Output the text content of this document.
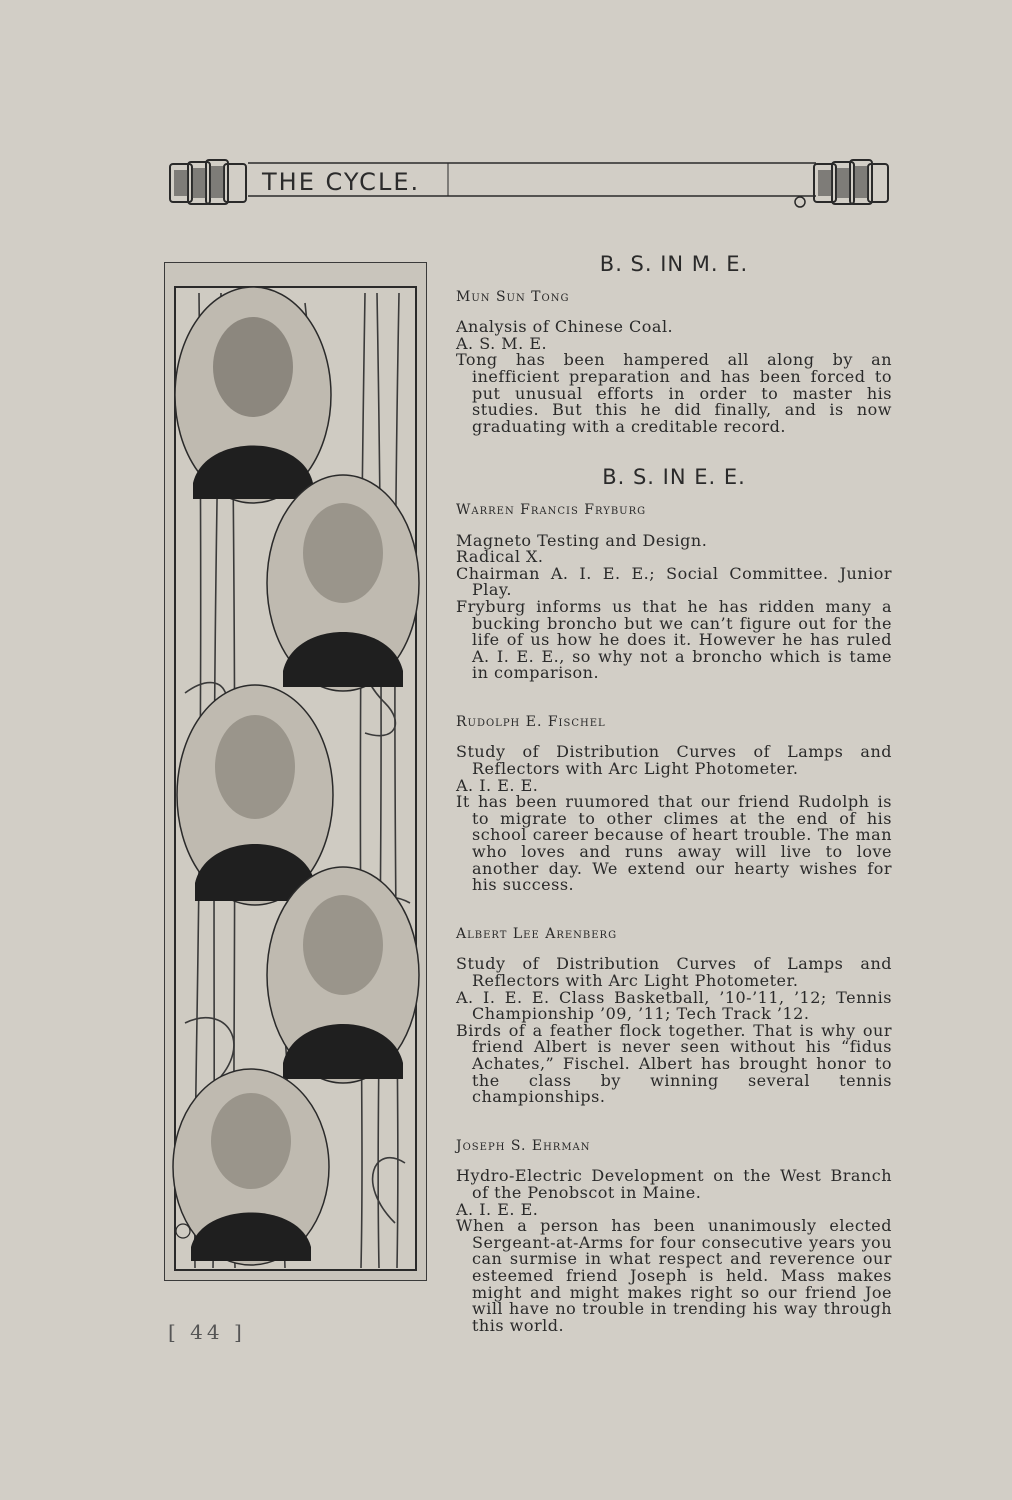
THE CYCLE.
B. S. IN M. E.
Mun Sun Tong

Analysis of Chinese Coal.

A. S. M. E.

Tong has been hampered all along by an inefficient preparation and has been forced to put unusual efforts in order to master his studies. But this he did finally, and is now graduating with a creditable record.

B. S. IN E. E.
Warren Francis Fryburg

Magneto Testing and Design.

Radical X.

Chairman A. I. E. E.; Social Committee. Junior Play.

Fryburg informs us that he has ridden many a bucking broncho but we can’t figure out for the life of us how he does it. However he has ruled A. I. E. E., so why not a broncho which is tame in comparison.

Rudolph E. Fischel

Study of Distribution Curves of Lamps and Reflectors with Arc Light Photometer.

A. I. E. E.

It has been ruumored that our friend Rudolph is to migrate to other climes at the end of his school career because of heart trouble. The man who loves and runs away will live to love another day. We extend our hearty wishes for his success.

Albert Lee Arenberg

Study of Distribution Curves of Lamps and Reflectors with Arc Light Photometer.

A. I. E. E. Class Basketball, ’10-’11, ’12; Tennis Championship ’09, ’11; Tech Track ’12.

Birds of a feather flock together. That is why our friend Albert is never seen without his “fidus Achates,” Fischel. Albert has brought honor to the class by winning several tennis championships.

Joseph S. Ehrman

Hydro-Electric Development on the West Branch of the Penobscot in Maine.

A. I. E. E.

When a person has been unanimously elected Sergeant-at-Arms for four consecutive years you can surmise in what respect and reverence our esteemed friend Joseph is held. Mass makes might and might makes right so our friend Joe will have no trouble in trending his way through this world.

[ 44 ]
